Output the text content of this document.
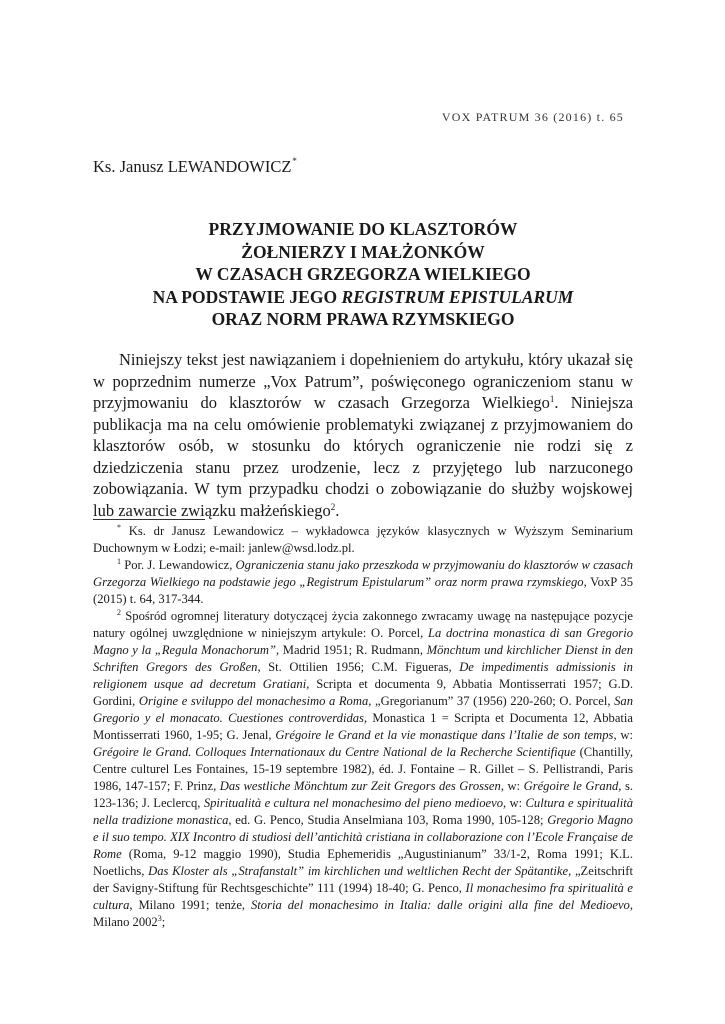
VOX PATRUM 36 (2016) t. 65
Ks. Janusz LEWANDOWICZ*
PRZYJMOWANIE DO KLASZTORÓW
ŻOŁNIERZY I MAŁŻONKÓW
W CZASACH GRZEGORZA WIELKIEGO
NA PODSTAWIE JEGO REGISTRUM EPISTULARUM
ORAZ NORM PRAWA RZYMSKIEGO

Niniejszy tekst jest nawiązaniem i dopełnieniem do artykułu, który ukazał się w poprzednim numerze „Vox Patrum”, poświęconego ograniczeniom stanu w przyjmowaniu do klasztorów w czasach Grzegorza Wielkiego$^1$. Niniejsza publikacja ma na celu omówienie problematyki związanej z przyjmowaniem do klasztorów osób, w stosunku do których ograniczenie nie rodzi się z dziedziczenia stanu przez urodzenie, lecz z przyjętego lub narzuconego zobowiązania. W tym przypadku chodzi o zobowiązanie do służby wojskowej lub zawarcie związku małżeńskiego$^2$.

* Ks. dr Janusz Lewandowicz – wykładowca języków klasycznych w Wyższym Seminarium Duchownym w Łodzi; e-mail: janlew@wsd.lodz.pl.

$^1$ Por. J. Lewandowicz, Ograniczenia stanu jako przeszkoda w przyjmowaniu do klasztorów w czasach Grzegorza Wielkiego na podstawie jego „Registrum Epistularum” oraz norm prawa rzymskiego, VoxP 35 (2015) t. 64, 317-344.

$^2$ Spośród ogromnej literatury dotyczącej życia zakonnego zwracamy uwagę na następujące pozycje natury ogólnej uwzględnione w niniejszym artykule: O. Porcel, La doctrina monastica di san Gregorio Magno y la „Regula Monachorum”, Madrid 1951; R. Rudmann, Mönchtum und kirchlicher Dienst in den Schriften Gregors des Großen, St. Ottilien 1956; C.M. Figueras, De impedimentis admissionis in religionem usque ad decretum Gratiani, Scripta et documenta 9, Abbatia Montisserrati 1957; G.D. Gordini, Origine e sviluppo del monachesimo a Roma, „Gregorianum” 37 (1956) 220-260; O. Porcel, San Gregorio y el monacato. Cuestiones controverdidas, Monastica 1 = Scripta et Documenta 12, Abbatia Montisserrati 1960, 1-95; G. Jenal, Grégoire le Grand et la vie monastique dans l’Italie de son temps, w: Grégoire le Grand. Colloques Internationaux du Centre National de la Recherche Scientifique (Chantilly, Centre culturel Les Fontaines, 15-19 septembre 1982), éd. J. Fontaine – R. Gillet – S. Pellistrandi, Paris 1986, 147-157; F. Prinz, Das westliche Mönchtum zur Zeit Gregors des Grossen, w: Grégoire le Grand, s. 123-136; J. Leclercq, Spiritualità e cultura nel monachesimo del pieno medioevo, w: Cultura e spiritualità nella tradizione monastica, ed. G. Penco, Studia Anselmiana 103, Roma 1990, 105-128; Gregorio Magno e il suo tempo. XIX Incontro di studiosi dell’antichità cristiana in collaborazione con l’Ecole Française de Rome (Roma, 9-12 maggio 1990), Studia Ephemeridis „Augustinianum” 33/1-2, Roma 1991; K.L. Noetlichs, Das Kloster als „Strafanstalt” im kirchlichen und weltlichen Recht der Spätantike, „Zeitschrift der Savigny-Stiftung für Rechtsgeschichte” 111 (1994) 18-40; G. Penco, Il monachesimo fra spiritualità e cultura, Milano 1991; tenże, Storia del monachesimo in Italia: dalle origini alla fine del Medioevo, Milano 2002$^3$;
